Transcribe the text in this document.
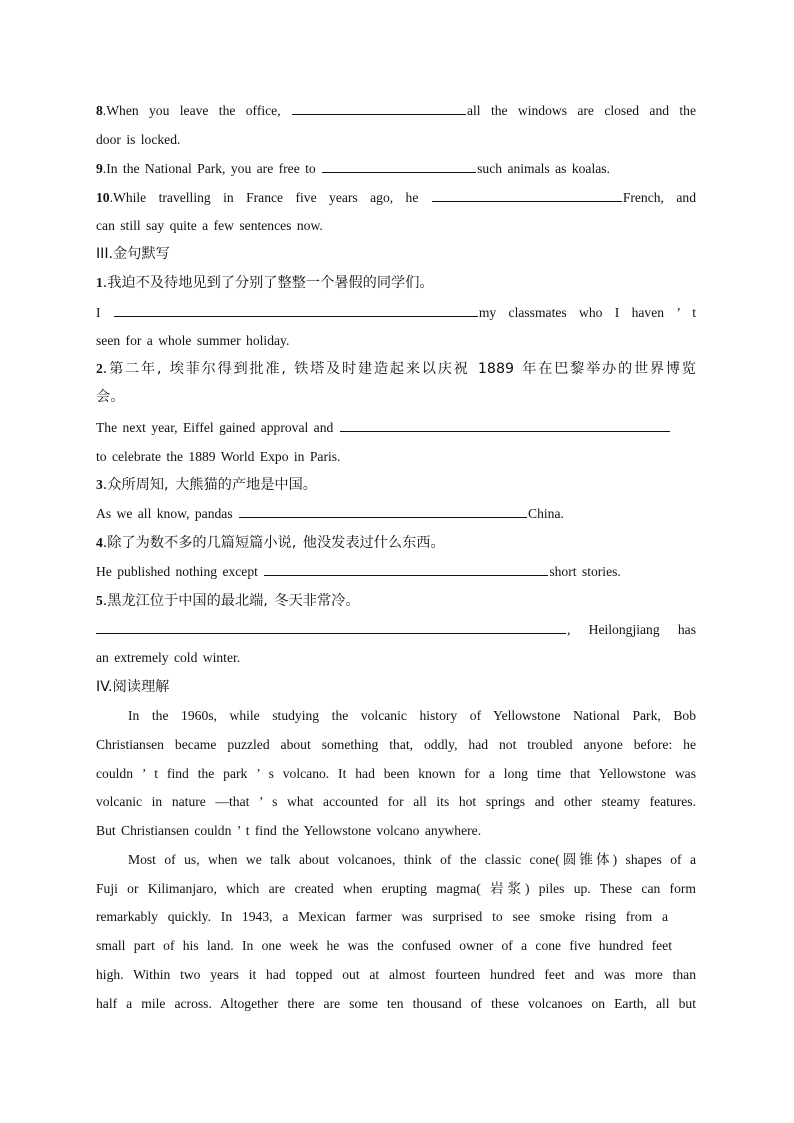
8.When you leave the office,	all the windows are closed and the
door is locked.
9.In the National Park, you are free to	such animals as koalas.
10.While travelling in France five years ago, he	French, and
can still say quite a few sentences now.
III.金句默写
1.我迫不及待地见到了分别了整整一个暑假的同学们。
I	my classmates who I haven ’ t
seen for a whole summer holiday.
2.第二年, 埃菲尔得到批准, 铁塔及时建造起来以庆祝 1889 年在巴黎举办的世界博览
会。
The next year, Eiffel gained approval and
to celebrate the 1889 World Expo in Paris.
3.众所周知, 大熊猫的产地是中国。
As we all know, pandas	China.
4.除了为数不多的几篇短篇小说, 他没发表过什么东西。
He published nothing except	short stories.
5.黑龙江位于中国的最北端, 冬天非常冷。
, Heilongjiang has
an extremely cold winter.
IV.阅读理解
In the 1960s, while studying the volcanic history of Yellowstone National Park, Bob
Christiansen became puzzled about something that, oddly, had not troubled anyone before: he
couldn ’ t find the park ’ s volcano. It had been known for a long time that Yellowstone was
volcanic in nature —that ’ s what accounted for all its hot springs and other steamy features.
But Christiansen couldn ’ t find the Yellowstone volcano anywhere.
Most of us, when we talk about volcanoes, think of the classic cone(圆锥体) shapes of a
Fuji or Kilimanjaro, which are created when erupting magma( 岩浆) piles up. These can form
remarkably quickly. In 1943, a Mexican farmer was surprised to see smoke rising from a
small part of his land. In one week he was the confused owner of a cone five hundred feet
high. Within two years it had topped out at almost fourteen hundred feet and was more than
half a mile across. Altogether there are some ten thousand of these volcanoes on Earth, all but
